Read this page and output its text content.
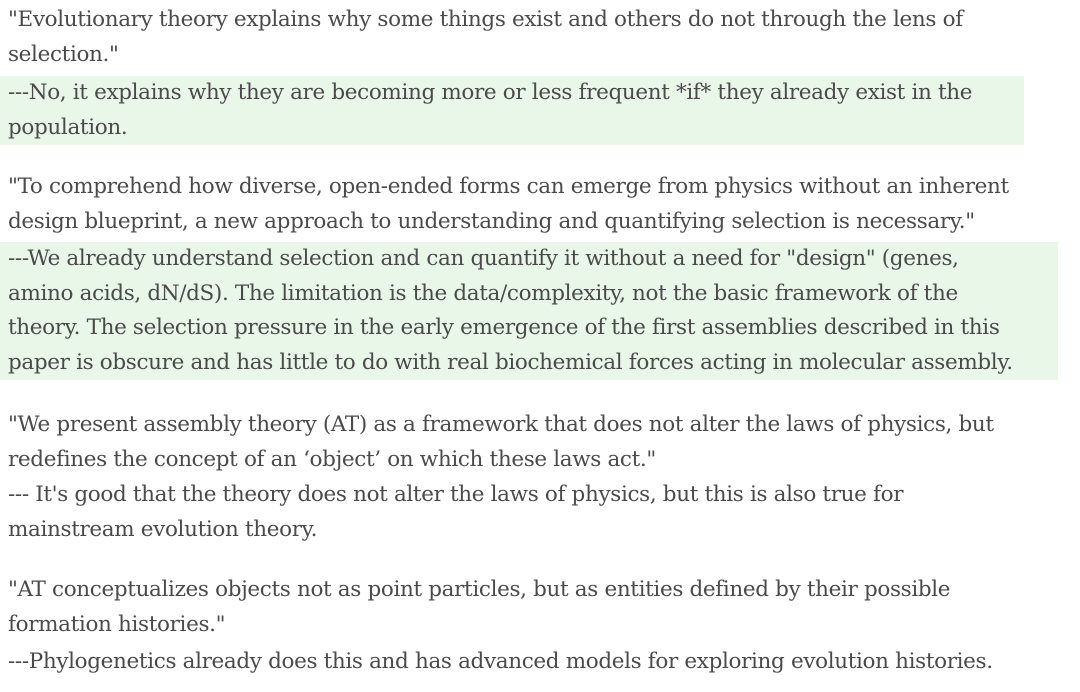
"Evolutionary theory explains why some things exist and others do not through the lens of
selection."
---No, it explains why they are becoming more or less frequent *if* they already exist in the
population.
"To comprehend how diverse, open-ended forms can emerge from physics without an inherent
design blueprint, a new approach to understanding and quantifying selection is necessary."
---We already understand selection and can quantify it without a need for "design" (genes,
amino acids, dN/dS). The limitation is the data/complexity, not the basic framework of the
theory. The selection pressure in the early emergence of the first assemblies described in this
paper is obscure and has little to do with real biochemical forces acting in molecular assembly.
"We present assembly theory (AT) as a framework that does not alter the laws of physics, but
redefines the concept of an ‘object’ on which these laws act."
--- It's good that the theory does not alter the laws of physics, but this is also true for
mainstream evolution theory.
"AT conceptualizes objects not as point particles, but as entities defined by their possible
formation histories."
---Phylogenetics already does this and has advanced models for exploring evolution histories.
